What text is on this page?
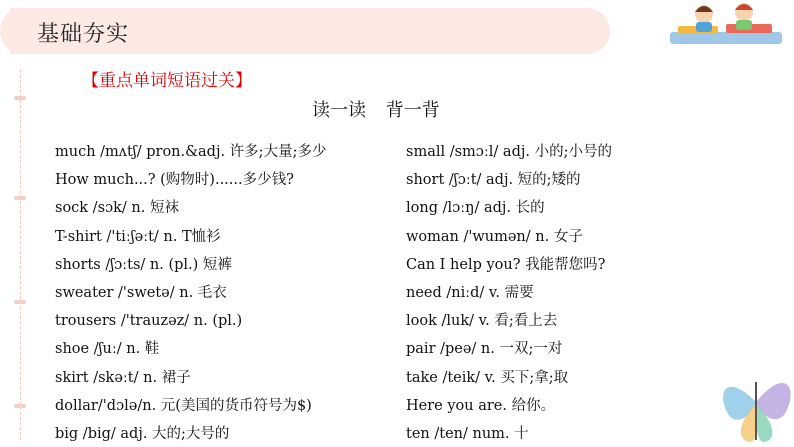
基础夯实
【重点单词短语过关】
读一读 背一背
much /mʌtʃ/ pron.&adj. 许多;大量;多少
How much...? (购物时)......多少钱?
sock /sɔk/ n. 短袜
T-shirt /'tiːʃəːt/ n. T恤衫
shorts /ʃɔːts/ n. (pl.) 短裤
sweater /'swetə/ n. 毛衣
trousers /'trauzəz/ n. (pl.)
shoe /ʃuː/ n. 鞋
skirt /skəːt/ n. 裙子
dollar/'dɔlə/n. 元(美国的货币符号为$)
big /big/ adj. 大的;大号的
small /smɔːl/ adj. 小的;小号的
short /ʃɔːt/ adj. 短的;矮的
long /lɔːŋ/ adj. 长的
woman /'wumən/ n. 女子
Can I help you? 我能帮您吗?
need /niːd/ v. 需要
look /luk/ v. 看;看上去
pair /peə/ n. 一双;一对
take /teik/ v. 买下;拿;取
Here you are. 给你。
ten /ten/ num. 十
